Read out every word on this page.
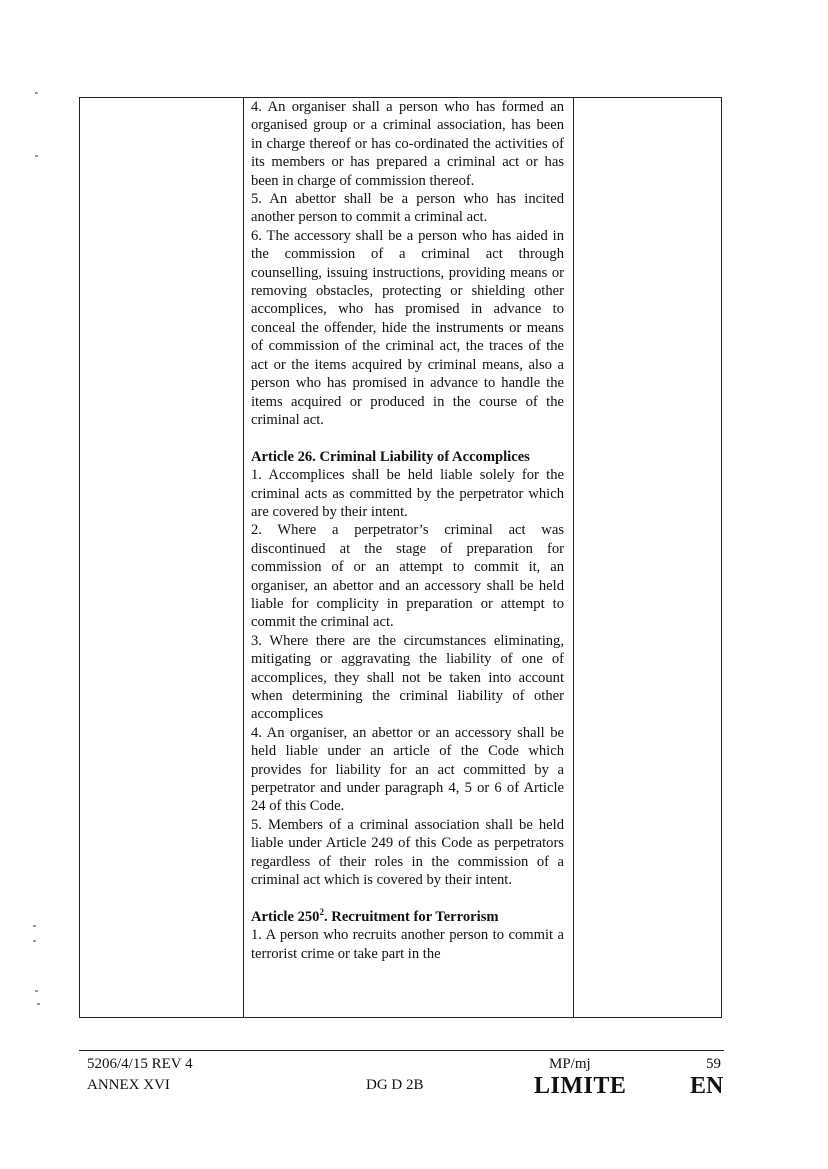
4. An organiser shall a person who has formed an organised group or a criminal association, has been in charge thereof or has co-ordinated the activities of its members or has prepared a criminal act or has been in charge of commission thereof.

5. An abettor shall be a person who has incited another person to commit a criminal act.

6. The accessory shall be a person who has aided in the commission of a criminal act through counselling, issuing instructions, providing means or removing obstacles, protecting or shielding other accomplices, who has promised in advance to conceal the offender, hide the instruments or means of commission of the criminal act, the traces of the act or the items acquired by criminal means, also a person who has promised in advance to handle the items acquired or produced in the course of the criminal act.

Article 26. Criminal Liability of Accomplices

1. Accomplices shall be held liable solely for the criminal acts as committed by the perpetrator which are covered by their intent.

2. Where a perpetrator’s criminal act was discontinued at the stage of preparation for commission of or an attempt to commit it, an organiser, an abettor and an accessory shall be held liable for complicity in preparation or attempt to commit the criminal act.

3. Where there are the circumstances eliminating, mitigating or aggravating the liability of one of accomplices, they shall not be taken into account when determining the criminal liability of other accomplices

4. An organiser, an abettor or an accessory shall be held liable under an article of the Code which provides for liability for an act committed by a perpetrator and under paragraph 4, 5 or 6 of Article 24 of this Code.

5. Members of a criminal association shall be held liable under Article 249 of this Code as perpetrators regardless of their roles in the commission of a criminal act which is covered by their intent.

Article $250^2$. Recruitment for Terrorism

1. A person who recruits another person to commit a terrorist crime or take part in the

5206/4/15 REV 4
ANNEX XVI	DG D 2B
MP/mj	59
LIMITE	EN
